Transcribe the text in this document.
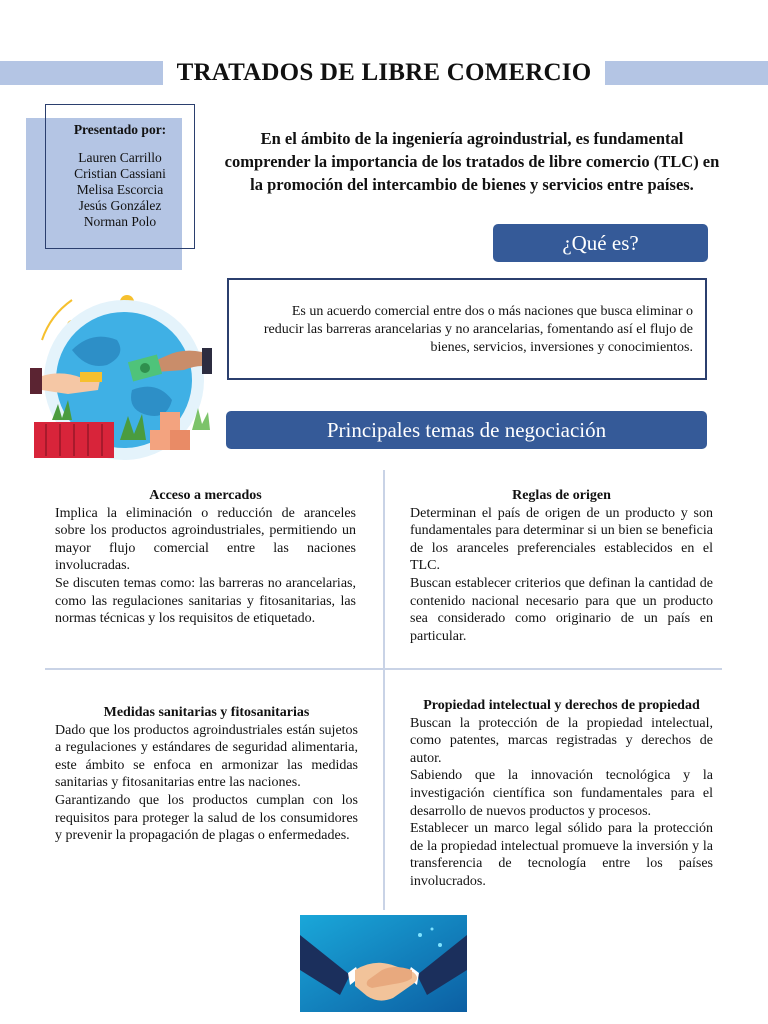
TRATADOS DE LIBRE COMERCIO
Presentado por:
Lauren Carrillo
Cristian Cassiani
Melisa Escorcia
Jesús González
Norman Polo
En el ámbito de la ingeniería agroindustrial, es fundamental comprender la importancia de los tratados de libre comercio (TLC) en la promoción del intercambio de bienes y servicios entre países.
¿Qué es?
Es un acuerdo comercial entre dos o más naciones que busca eliminar o reducir las barreras arancelarias y no arancelarias, fomentando así el flujo de bienes, servicios, inversiones y conocimientos.
Principales temas de negociación
Acceso a mercados

Implica la eliminación o reducción de aranceles sobre los productos agroindustriales, permitiendo un mayor flujo comercial entre las naciones involucradas.

Se discuten temas como: las barreras no arancelarias, como las regulaciones sanitarias y fitosanitarias, las normas técnicas y los requisitos de etiquetado.

Reglas de origen

Determinan el país de origen de un producto y son fundamentales para determinar si un bien se beneficia de los aranceles preferenciales establecidos en el TLC.

Buscan establecer criterios que definan la cantidad de contenido nacional necesario para que un producto sea considerado como originario de un país en particular.

Medidas sanitarias y fitosanitarias

Dado que los productos agroindustriales están sujetos a regulaciones y estándares de seguridad alimentaria, este ámbito se enfoca en armonizar las medidas sanitarias y fitosanitarias entre las naciones.

Garantizando que los productos cumplan con los requisitos para proteger la salud de los consumidores y prevenir la propagación de plagas o enfermedades.

Propiedad intelectual y derechos de propiedad

Buscan la protección de la propiedad intelectual, como patentes, marcas registradas y derechos de autor.

Sabiendo que la innovación tecnológica y la investigación científica son fundamentales para el desarrollo de nuevos productos y procesos.

Establecer un marco legal sólido para la protección de la propiedad intelectual promueve la inversión y la transferencia de tecnología entre los países involucrados.
